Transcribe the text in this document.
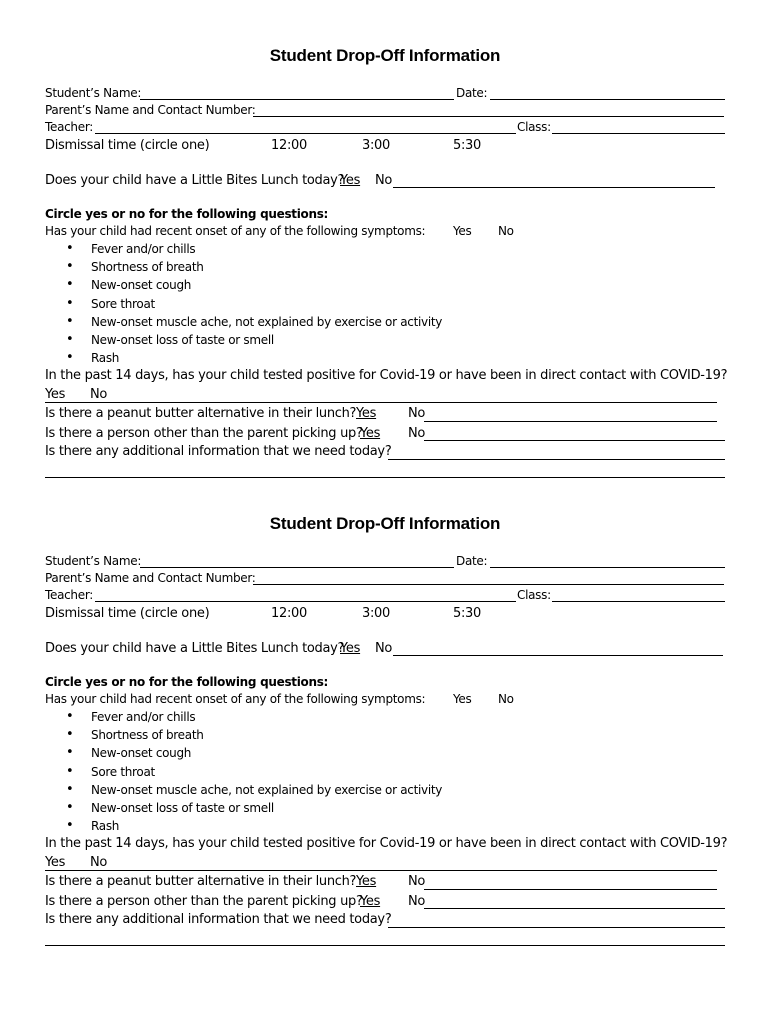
Student Drop-Off Information
Student’s Name:	Date:
Parent’s Name and Contact Number:
Teacher:	Class:
Dismissal time (circle one)	12:00	3:00	5:30
Does your child have a Little Bites Lunch today?
Yes No
Circle yes or no for the following questions:
Has your child had recent onset of any of the following symptoms: Yes No
• Fever and/or chills
• Shortness of breath
• New-onset cough
• Sore throat
• New-onset muscle ache, not explained by exercise or activity
• New-onset loss of taste or smell
• Rash
In the past 14 days, has your child tested positive for Covid-19 or have been in direct contact with COVID-19?
Yes No
Is there a peanut butter alternative in their lunch? Yes No
Is there a person other than the parent picking up?
Yes No
Is there any additional information that we need today?
Student Drop-Off Information
Student’s Name:	Date:
Parent’s Name and Contact Number:
Teacher:	Class:
Dismissal time (circle one)	12:00	3:00	5:30
Does your child have a Little Bites Lunch today?
Yes No
Circle yes or no for the following questions:
Has your child had recent onset of any of the following symptoms: Yes No
• Fever and/or chills
• Shortness of breath
• New-onset cough
• Sore throat
• New-onset muscle ache, not explained by exercise or activity
• New-onset loss of taste or smell
• Rash
In the past 14 days, has your child tested positive for Covid-19 or have been in direct contact with COVID-19?
Yes No
Is there a peanut butter alternative in their lunch? Yes No
Is there a person other than the parent picking up?
Yes No
Is there any additional information that we need today?
